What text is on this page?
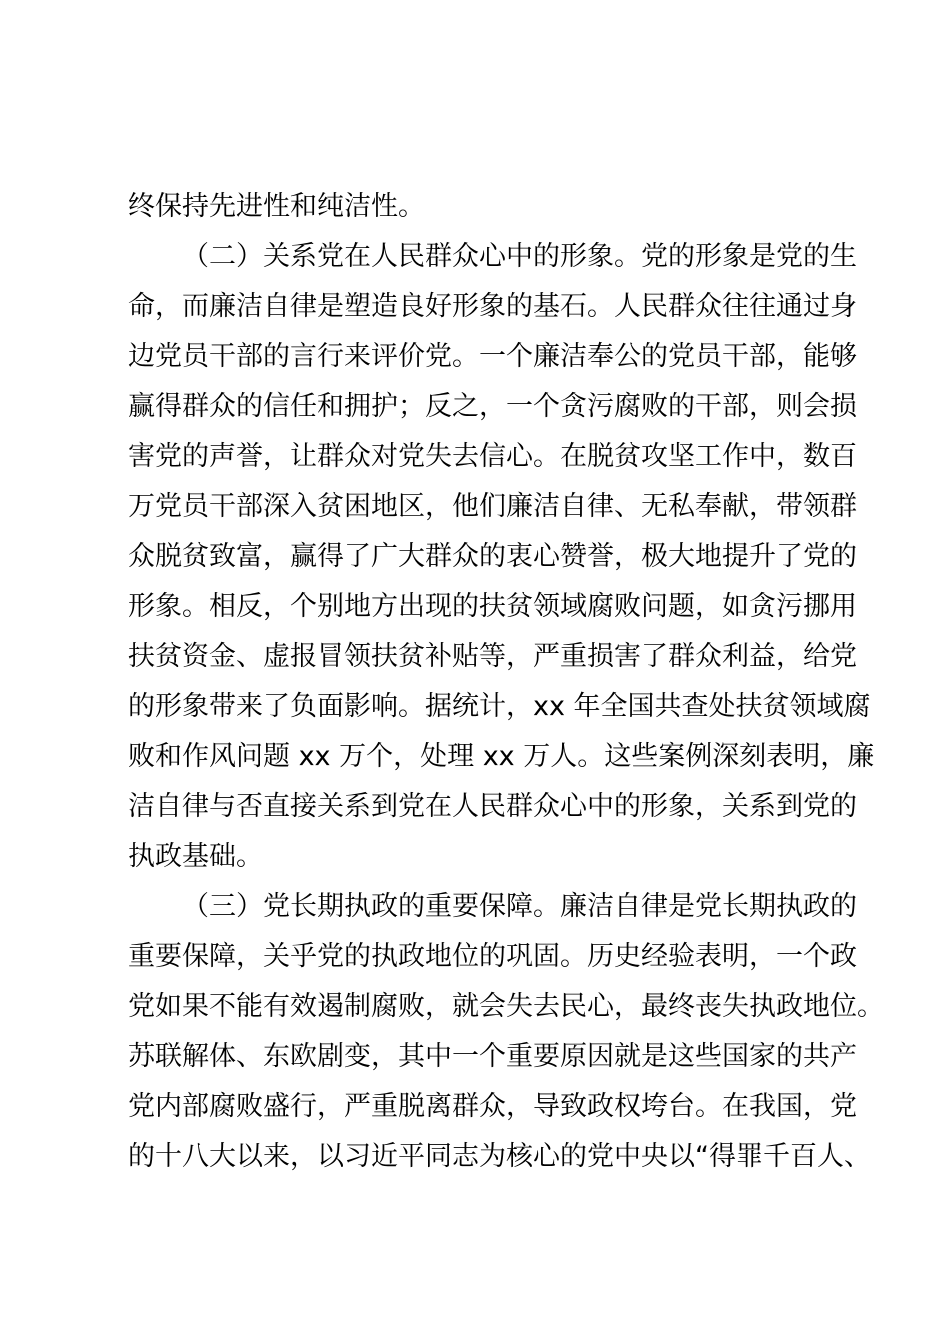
终保持先进性和纯洁性。
（二）关系党在人民群众心中的形象。党的形象是党的生
命，而廉洁自律是塑造良好形象的基石。人民群众往往通过身
边党员干部的言行来评价党。一个廉洁奉公的党员干部，能够
赢得群众的信任和拥护；反之，一个贪污腐败的干部，则会损
害党的声誉，让群众对党失去信心。在脱贫攻坚工作中，数百
万党员干部深入贫困地区，他们廉洁自律、无私奉献，带领群
众脱贫致富，赢得了广大群众的衷心赞誉，极大地提升了党的
形象。相反，个别地方出现的扶贫领域腐败问题，如贪污挪用
扶贫资金、虚报冒领扶贫补贴等，严重损害了群众利益，给党
的形象带来了负面影响。据统计，xx 年全国共查处扶贫领域腐
败和作风问题 xx 万个，处理 xx 万人。这些案例深刻表明，廉
洁自律与否直接关系到党在人民群众心中的形象，关系到党的
执政基础。
（三）党长期执政的重要保障。廉洁自律是党长期执政的
重要保障，关乎党的执政地位的巩固。历史经验表明，一个政
党如果不能有效遏制腐败，就会失去民心，最终丧失执政地位。
苏联解体、东欧剧变，其中一个重要原因就是这些国家的共产
党内部腐败盛行，严重脱离群众，导致政权垮台。在我国，党
的十八大以来，以习近平同志为核心的党中央以“得罪千百人、
